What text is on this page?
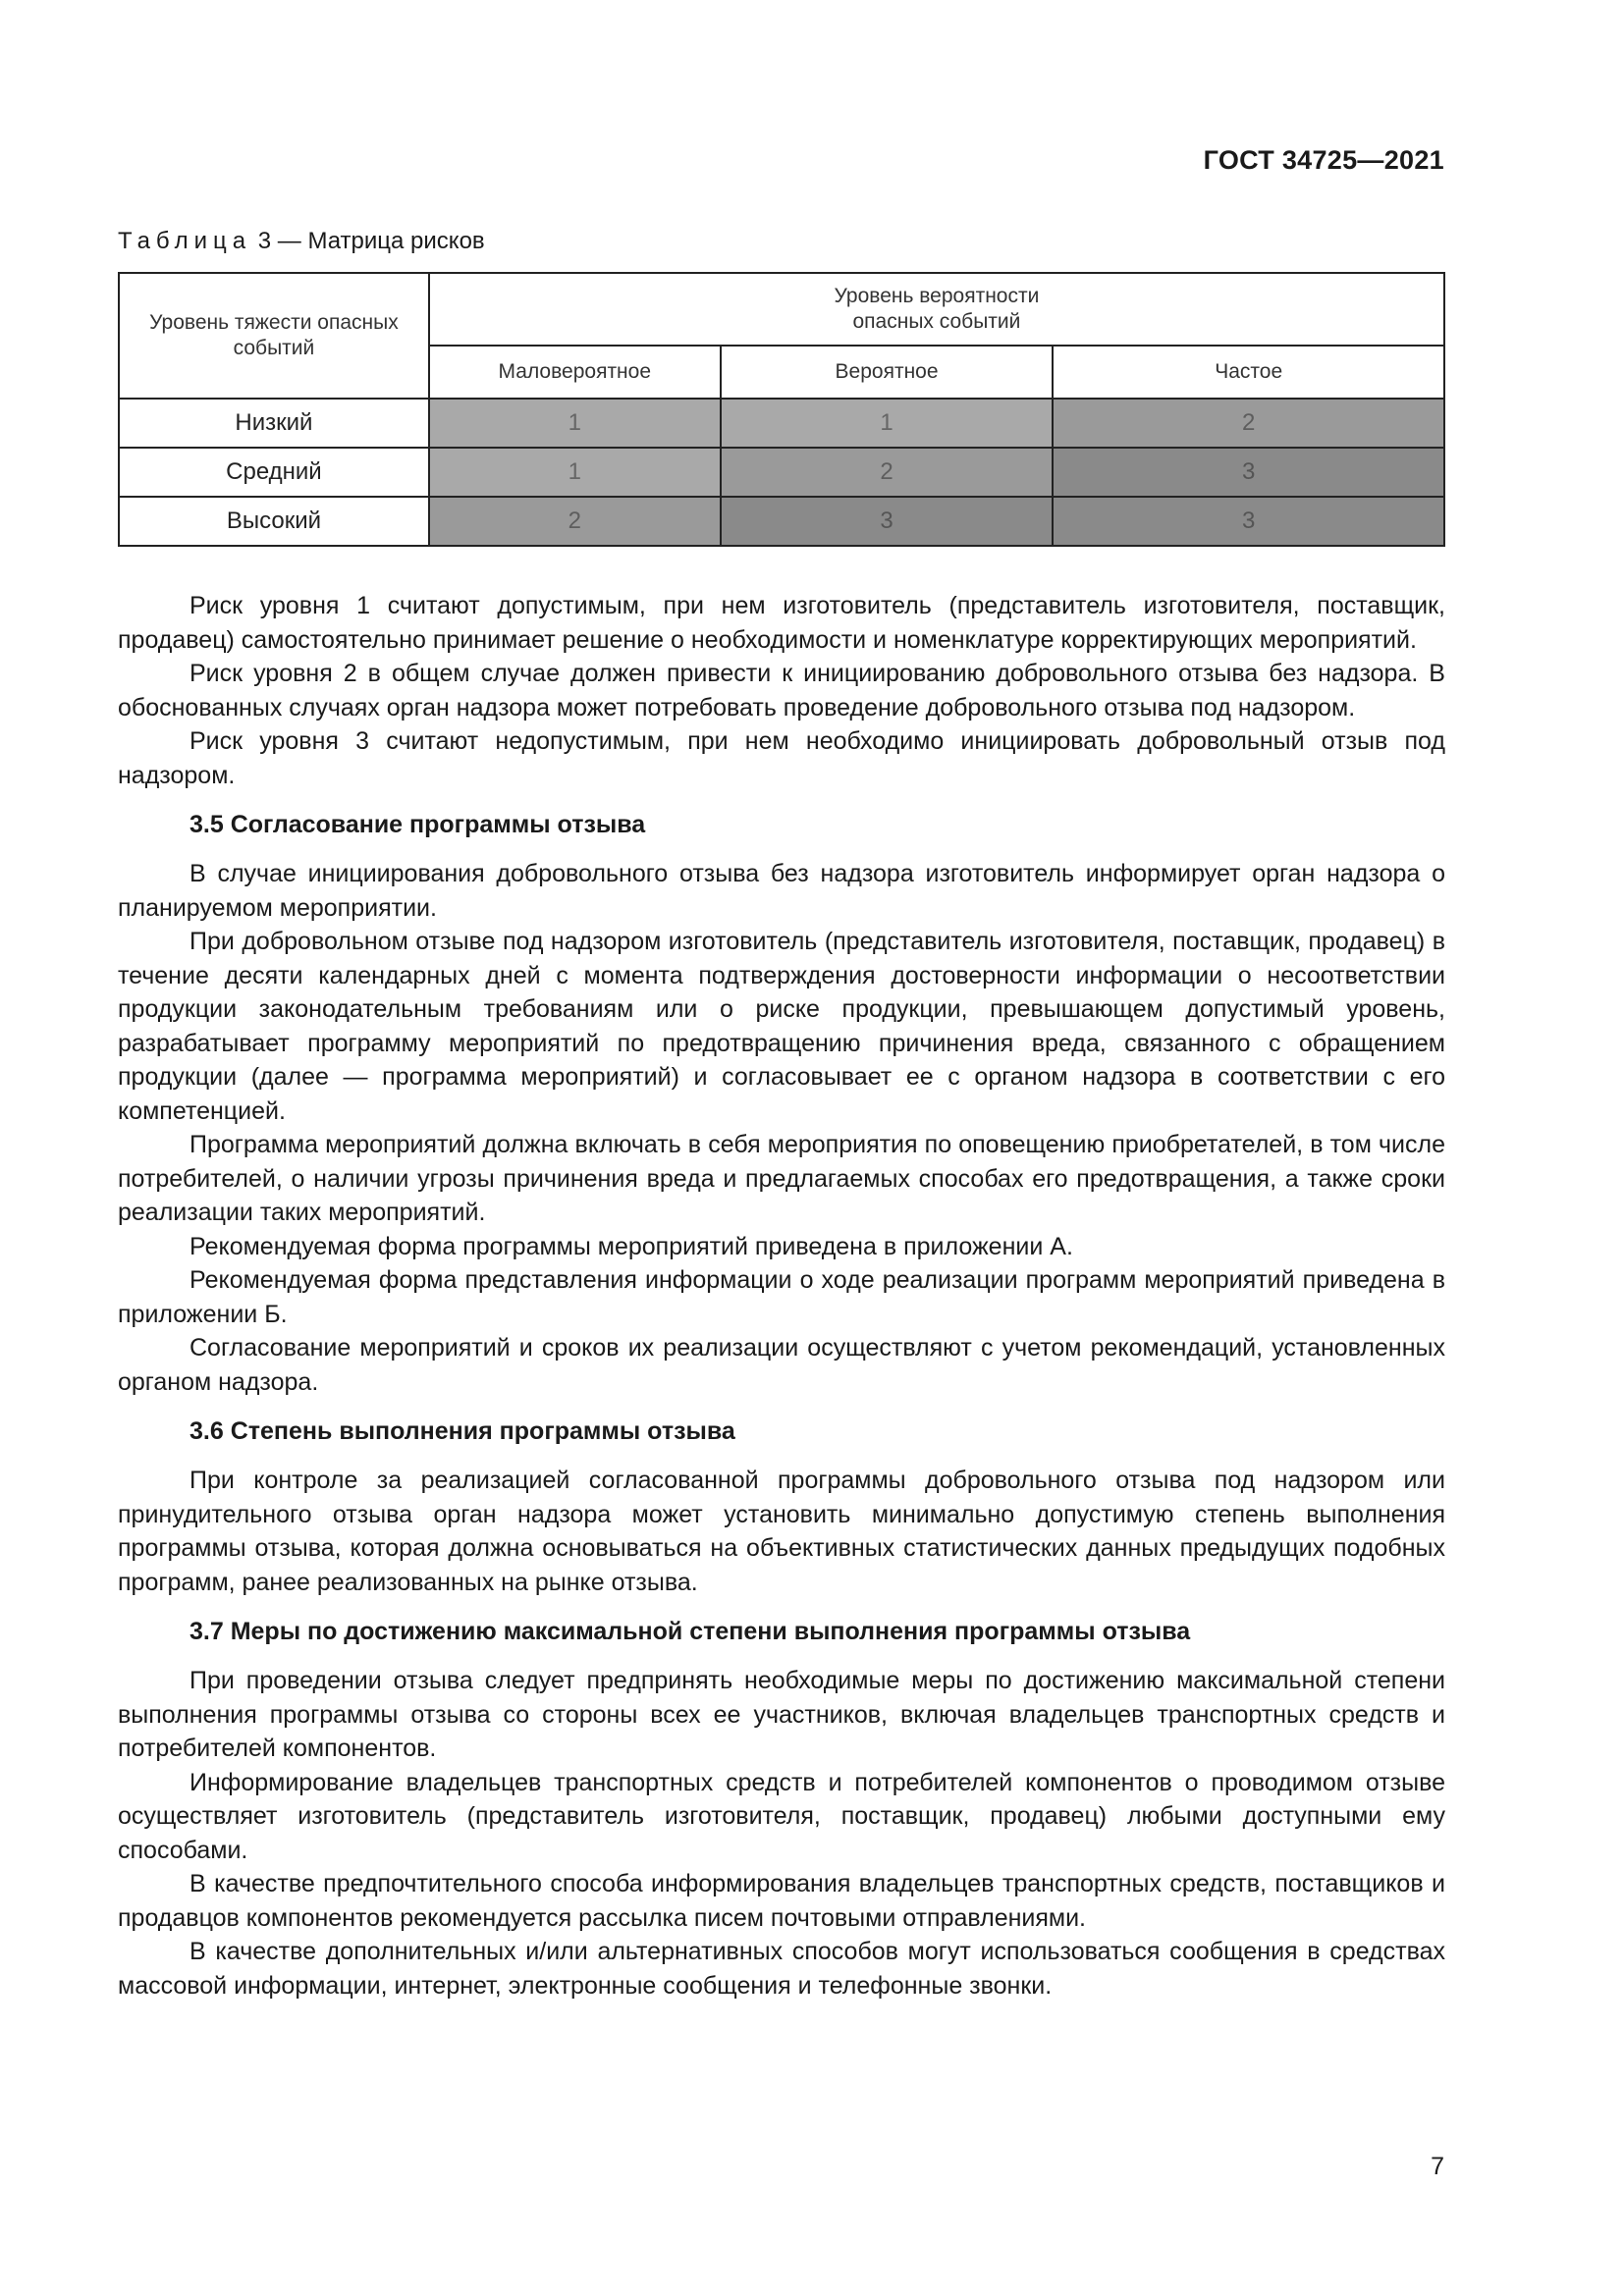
ГОСТ 34725—2021
Таблица 3 — Матрица рисков
Уровень тяжести опасных событий	Уровень вероятности опасных событий		
	Маловероятное	Вероятное	Частое
Низкий	1	1	2
Средний	1	2	3
Высокий	2	3	3

Риск уровня 1 считают допустимым, при нем изготовитель (представитель изготовителя, поставщик, продавец) самостоятельно принимает решение о необходимости и номенклатуре корректирующих мероприятий.

Риск уровня 2 в общем случае должен привести к инициированию добровольного отзыва без надзора. В обоснованных случаях орган надзора может потребовать проведение добровольного отзыва под надзором.

Риск уровня 3 считают недопустимым, при нем необходимо инициировать добровольный отзыв под надзором.

3.5 Согласование программы отзыва

В случае инициирования добровольного отзыва без надзора изготовитель информирует орган надзора о планируемом мероприятии.

При добровольном отзыве под надзором изготовитель (представитель изготовителя, поставщик, продавец) в течение десяти календарных дней с момента подтверждения достоверности информации о несоответствии продукции законодательным требованиям или о риске продукции, превышающем допустимый уровень, разрабатывает программу мероприятий по предотвращению причинения вреда, связанного с обращением продукции (далее — программа мероприятий) и согласовывает ее с органом надзора в соответствии с его компетенцией.

Программа мероприятий должна включать в себя мероприятия по оповещению приобретателей, в том числе потребителей, о наличии угрозы причинения вреда и предлагаемых способах его предотвращения, а также сроки реализации таких мероприятий.

Рекомендуемая форма программы мероприятий приведена в приложении А.

Рекомендуемая форма представления информации о ходе реализации программ мероприятий приведена в приложении Б.

Согласование мероприятий и сроков их реализации осуществляют с учетом рекомендаций, установленных органом надзора.

3.6 Степень выполнения программы отзыва

При контроле за реализацией согласованной программы добровольного отзыва под надзором или принудительного отзыва орган надзора может установить минимально допустимую степень выполнения программы отзыва, которая должна основываться на объективных статистических данных предыдущих подобных программ, ранее реализованных на рынке отзыва.

3.7 Меры по достижению максимальной степени выполнения программы отзыва

При проведении отзыва следует предпринять необходимые меры по достижению максимальной степени выполнения программы отзыва со стороны всех ее участников, включая владельцев транспортных средств и потребителей компонентов.

Информирование владельцев транспортных средств и потребителей компонентов о проводимом отзыве осуществляет изготовитель (представитель изготовителя, поставщик, продавец) любыми доступными ему способами.

В качестве предпочтительного способа информирования владельцев транспортных средств, поставщиков и продавцов компонентов рекомендуется рассылка писем почтовыми отправлениями.

В качестве дополнительных и/или альтернативных способов могут использоваться сообщения в средствах массовой информации, интернет, электронные сообщения и телефонные звонки.

7
